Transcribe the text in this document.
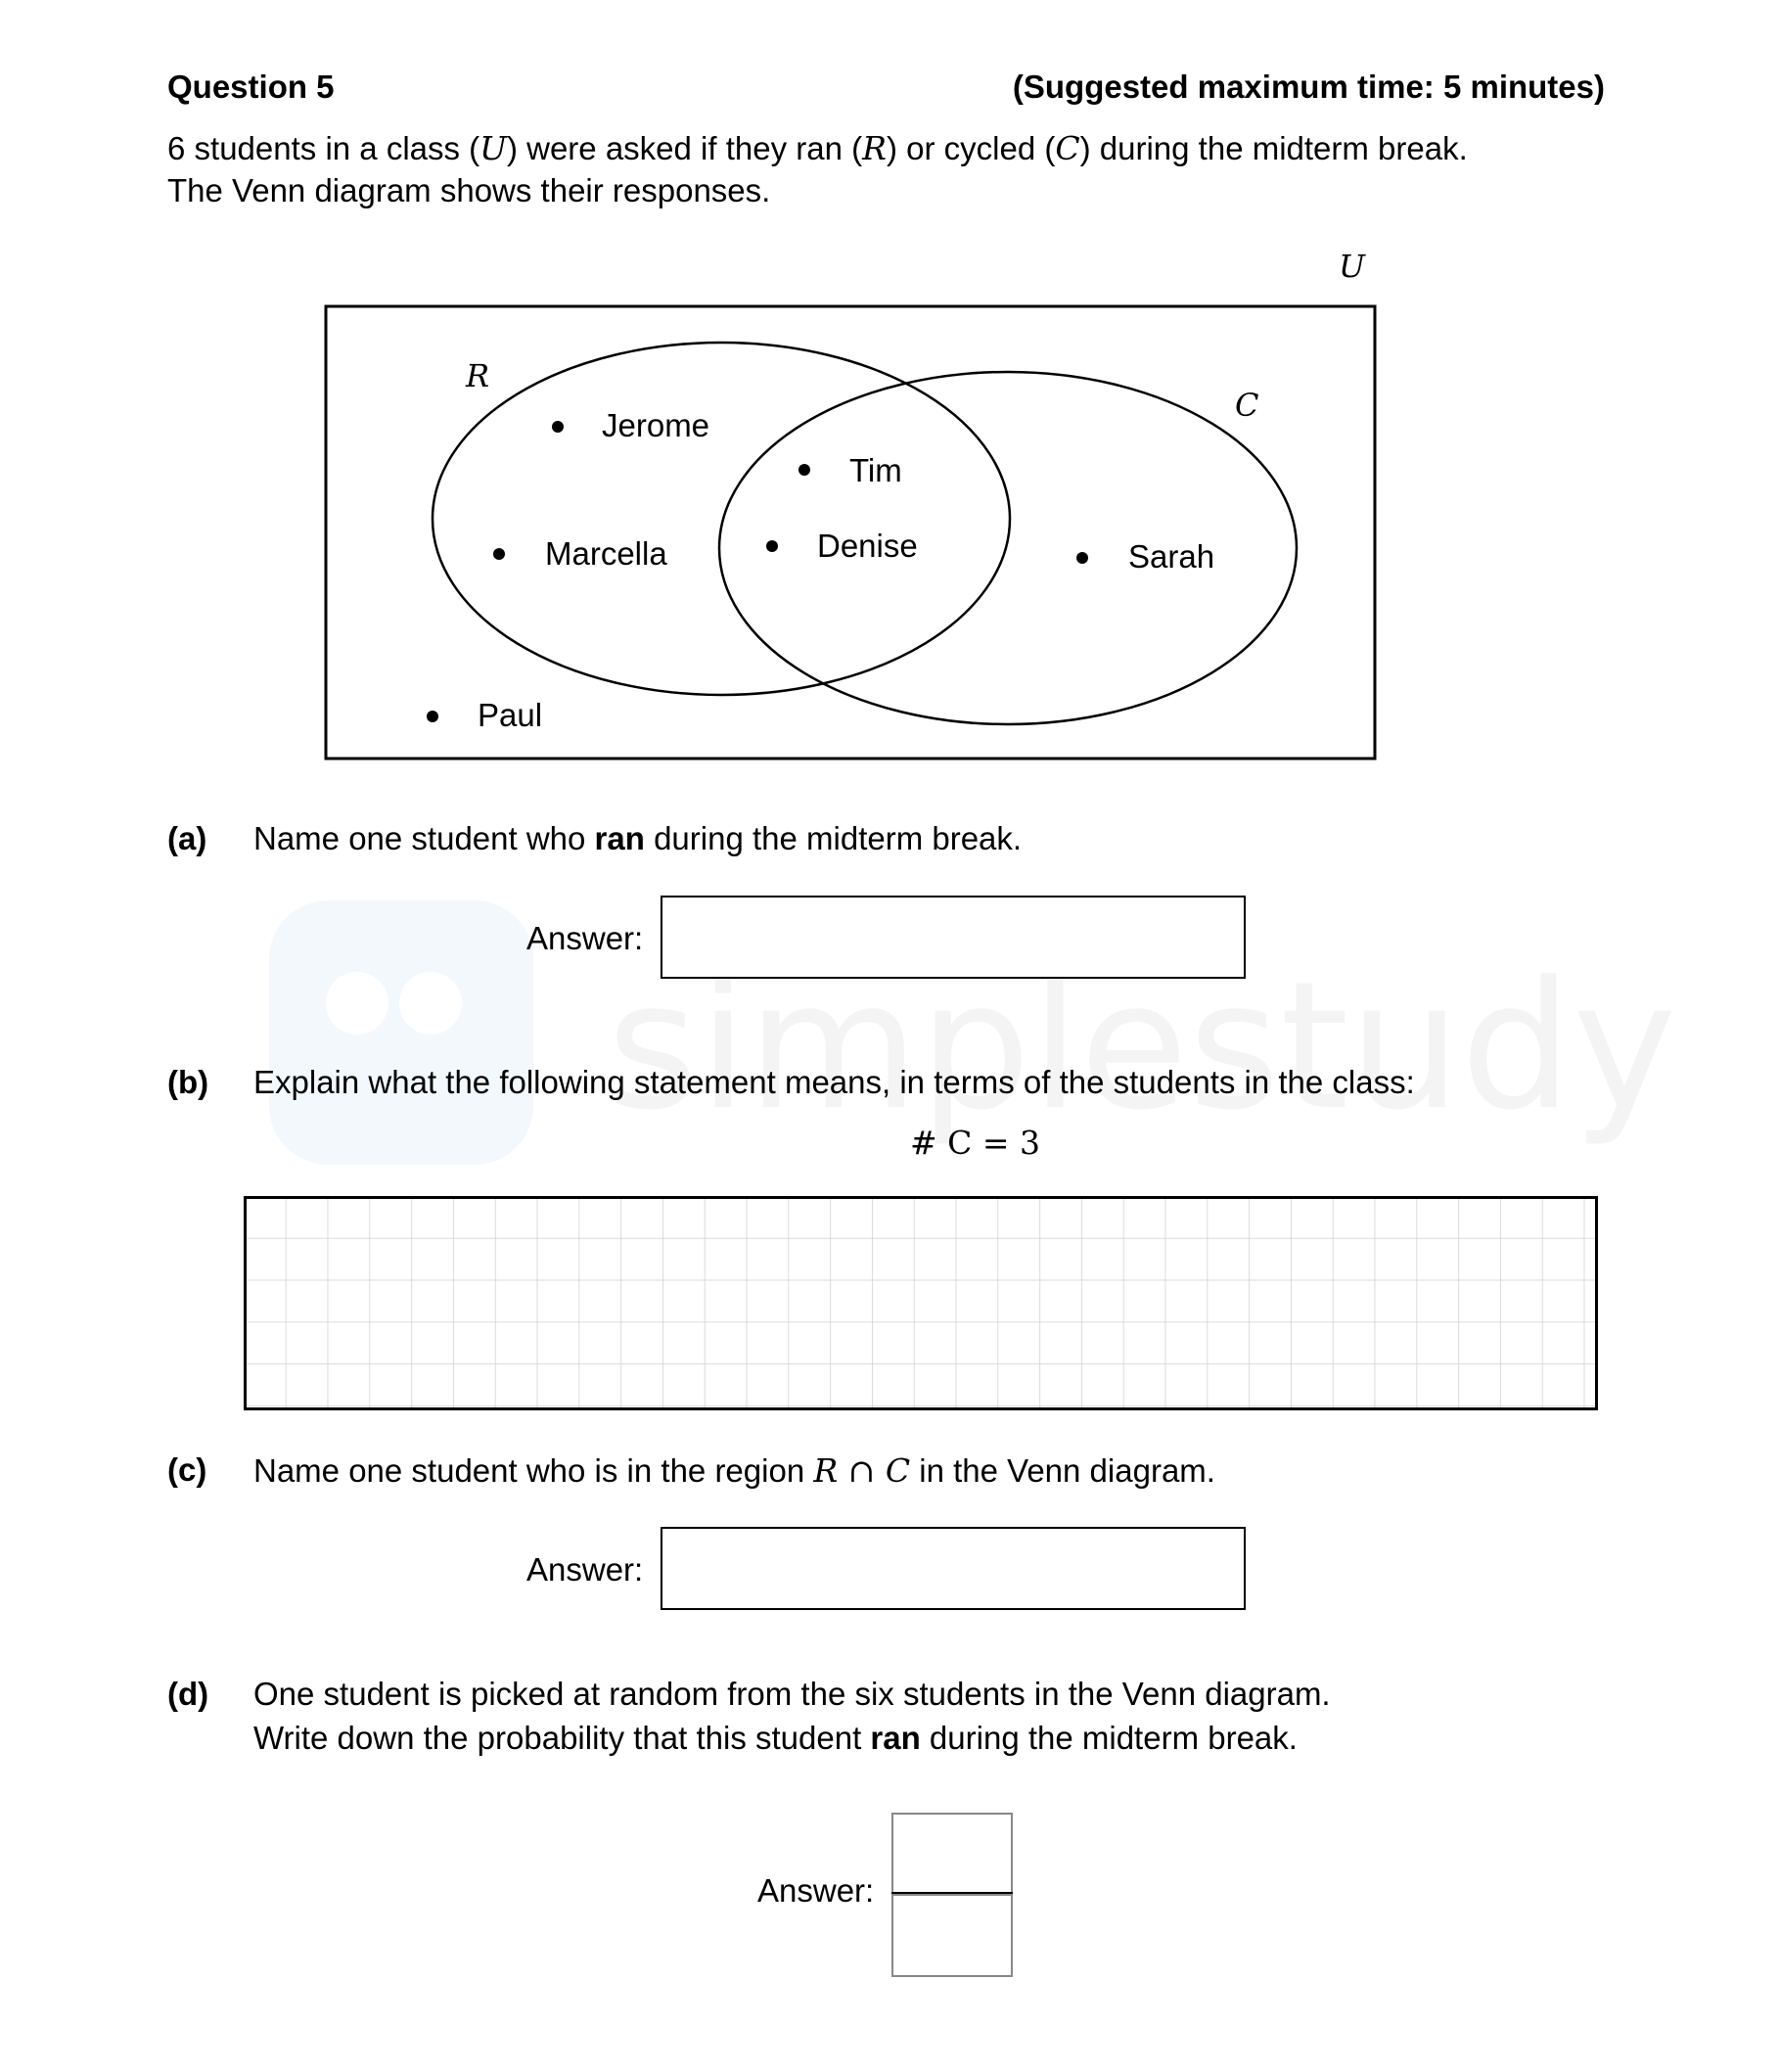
Question 5	(Suggested maximum time: 5 minutes)
6 students in a class (U) were asked if they ran (R) or cycled (C) during the midterm break.
The Venn diagram shows their responses.
U
R
C
Jerome
Marcella
Tim
Denise	Sarah
Paul
(a) Name one student who ran during the midterm break.
Answer:
(b) Explain what the following statement means, in terms of the students in the class:
# C = 3
(c) Name one student who is in the region R ∩ C in the Venn diagram.
Answer:
(d) One student is picked at random from the six students in the Venn diagram.
Write down the probability that this student ran during the midterm break.
Answer:
